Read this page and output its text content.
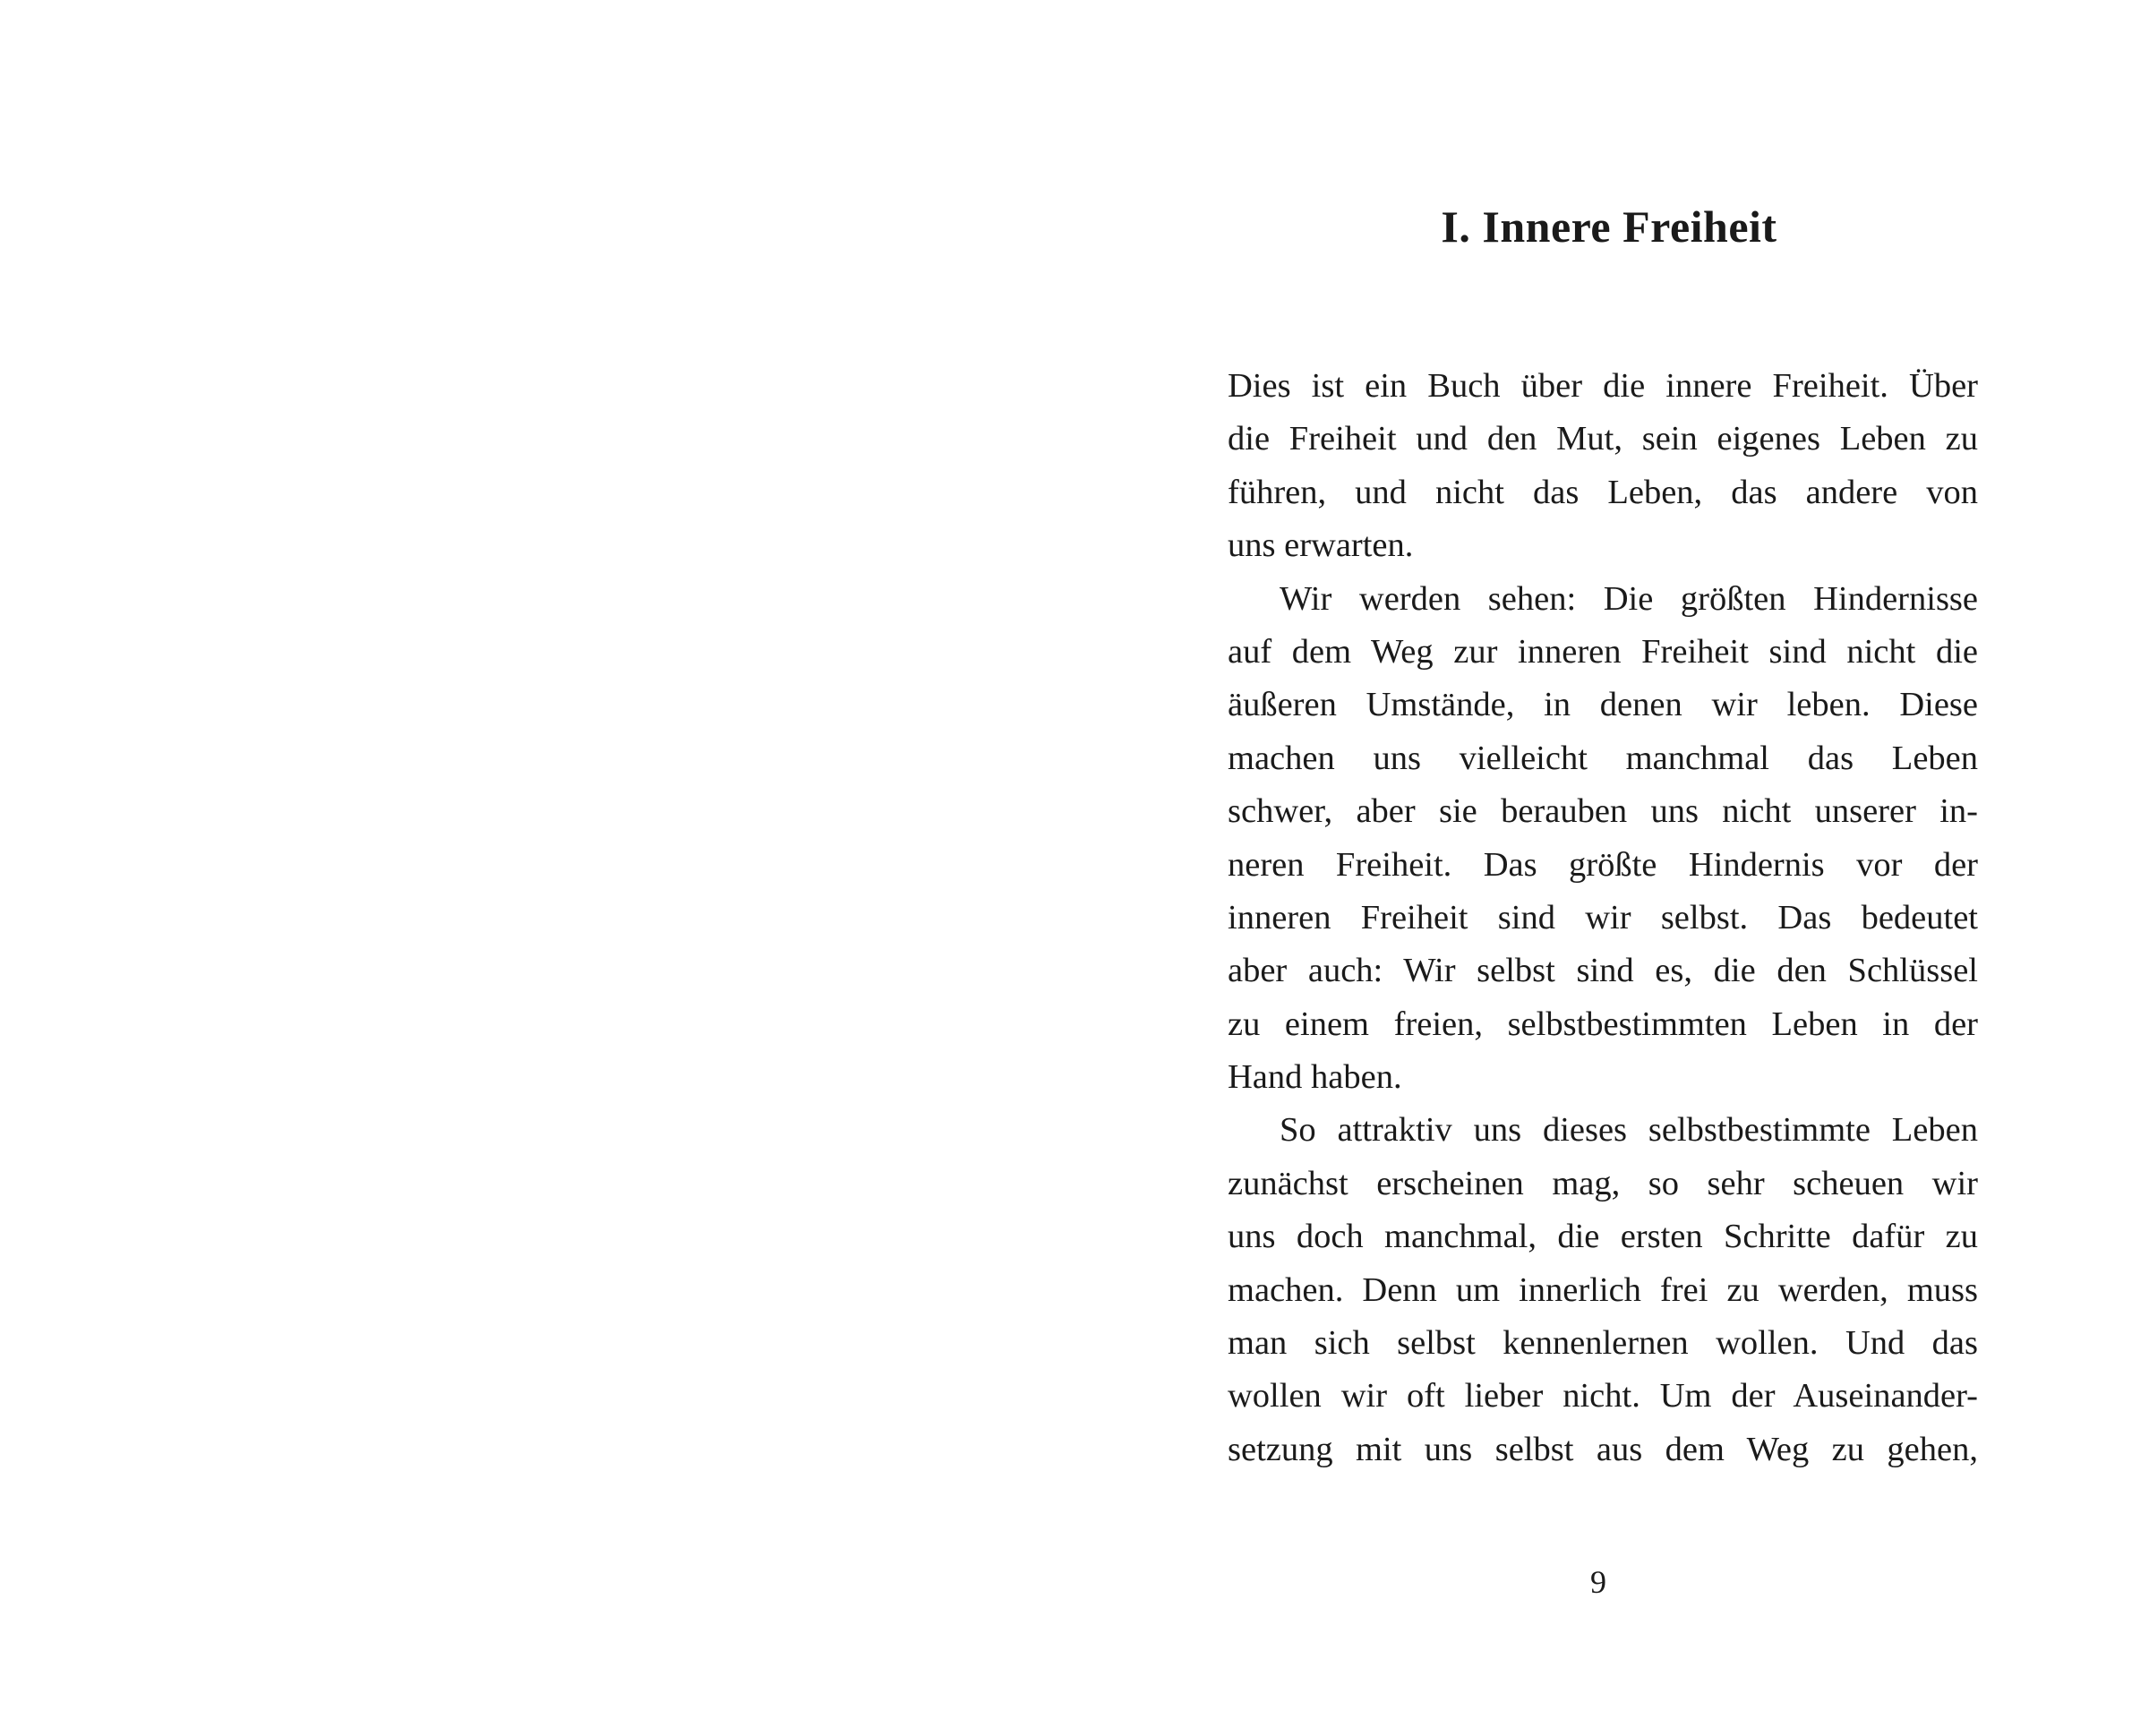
I. Innere Freiheit

Dies ist ein Buch über die innere Freiheit. Über
die Freiheit und den Mut, sein eigenes Leben zu
führen, und nicht das Leben, das andere von
uns erwarten.

Wir werden sehen: Die größten Hindernisse
auf dem Weg zur inneren Freiheit sind nicht die
äußeren Umstände, in denen wir leben. Diese
machen uns vielleicht manchmal das Leben
schwer, aber sie berauben uns nicht unserer in-
neren Freiheit. Das größte Hindernis vor der
inneren Freiheit sind wir selbst. Das bedeutet
aber auch: Wir selbst sind es, die den Schlüssel
zu einem freien, selbstbestimmten Leben in der
Hand haben.

So attraktiv uns dieses selbstbestimmte Leben
zunächst erscheinen mag, so sehr scheuen wir
uns doch manchmal, die ersten Schritte dafür zu
machen. Denn um innerlich frei zu werden, muss
man sich selbst kennenlernen wollen. Und das
wollen wir oft lieber nicht. Um der Auseinander-
setzung mit uns selbst aus dem Weg zu gehen,

9
